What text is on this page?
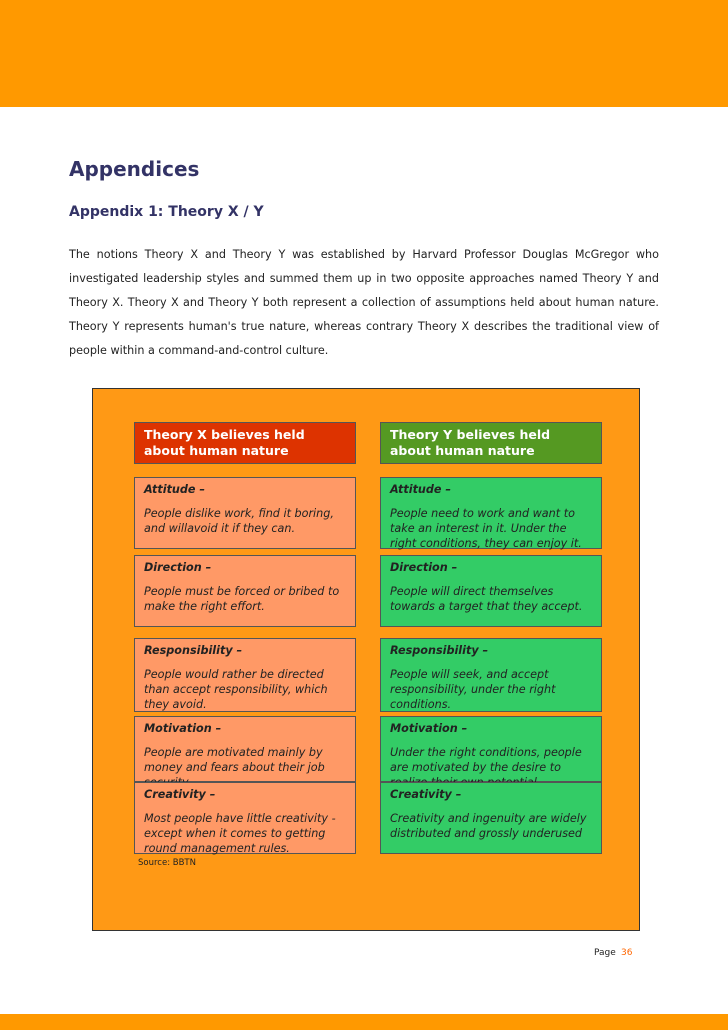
Appendices
Appendix 1: Theory X / Y
The notions Theory X and Theory Y was established by Harvard Professor Douglas McGregor who investigated leadership styles and summed them up in two opposite approaches named Theory Y and Theory X. Theory X and Theory Y both represent a collection of assumptions held about human nature. Theory Y represents human's true nature, whereas contrary Theory X describes the traditional view of people within a command-and-control culture.
Theory X believes held about human nature
Theory Y believes held about human nature
Attitude –
People dislike work, find it boring, and willavoid it if they can.
Direction –
People must be forced or bribed to make the right effort.
Responsibility –
People would rather be directed than accept responsibility, which they avoid.
Motivation –
People are motivated mainly by money and fears about their job
Creativity –
Most people have little creativity - except when it comes to getting round management rules.
Attitude –
People need to work and want to take an interest in it. Under the right conditions, they can enjoy it.
Direction –
People will direct themselves towards a target that they accept.
Responsibility –
People will seek, and accept responsibility, under the right conditions.
Motivation –
Under the right conditions, people are motivated by the desire to
Creativity –
Creativity and ingenuity are widely distributed and grossly underused
Source: BBTN
Page 36
